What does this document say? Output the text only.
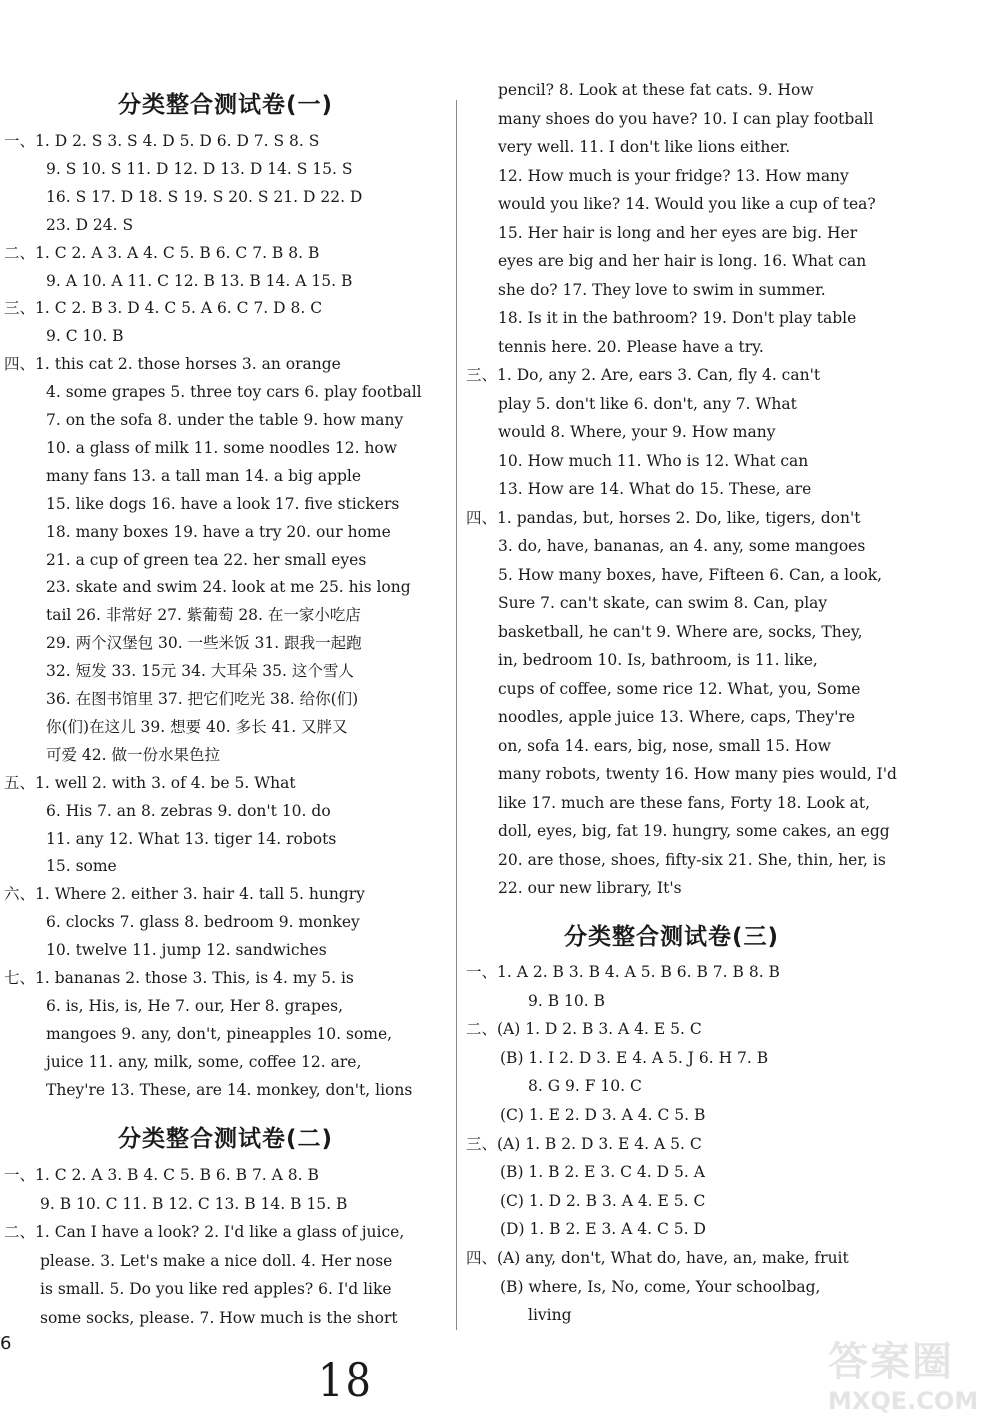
分类整合测试卷(一)
一、1. D 2. S 3. S 4. D 5. D 6. D 7. S 8. S
9. S 10. S 11. D 12. D 13. D 14. S 15. S
16. S 17. D 18. S 19. S 20. S 21. D 22. D
23. D 24. S
二、1. C 2. A 3. A 4. C 5. B 6. C 7. B 8. B
9. A 10. A 11. C 12. B 13. B 14. A 15. B
三、1. C 2. B 3. D 4. C 5. A 6. C 7. D 8. C
9. C 10. B
四、1. this cat 2. those horses 3. an orange
4. some grapes 5. three toy cars 6. play football
7. on the sofa 8. under the table 9. how many
10. a glass of milk 11. some noodles 12. how
many fans 13. a tall man 14. a big apple
15. like dogs 16. have a look 17. five stickers
18. many boxes 19. have a try 20. our home
21. a cup of green tea 22. her small eyes
23. skate and swim 24. look at me 25. his long
tail 26. 非常好 27. 紫葡萄 28. 在一家小吃店
29. 两个汉堡包 30. 一些米饭 31. 跟我一起跑
32. 短发 33. 15元 34. 大耳朵 35. 这个雪人
36. 在图书馆里 37. 把它们吃光 38. 给你(们)
你(们)在这儿 39. 想要 40. 多长 41. 又胖又
可爱 42. 做一份水果色拉
五、1. well 2. with 3. of 4. be 5. What
6. His 7. an 8. zebras 9. don't 10. do
11. any 12. What 13. tiger 14. robots
15. some
六、1. Where 2. either 3. hair 4. tall 5. hungry
6. clocks 7. glass 8. bedroom 9. monkey
10. twelve 11. jump 12. sandwiches
七、1. bananas 2. those 3. This, is 4. my 5. is
6. is, His, is, He 7. our, Her 8. grapes,
mangoes 9. any, don't, pineapples 10. some,
juice 11. any, milk, some, coffee 12. are,
They're 13. These, are 14. monkey, don't, lions
分类整合测试卷(二)
一、1. C 2. A 3. B 4. C 5. B 6. B 7. A 8. B
9. B 10. C 11. B 12. C 13. B 14. B 15. B
二、1. Can I have a look? 2. I'd like a glass of juice,
please. 3. Let's make a nice doll. 4. Her nose
is small. 5. Do you like red apples? 6. I'd like
some socks, please. 7. How much is the short
pencil? 8. Look at these fat cats. 9. How
many shoes do you have? 10. I can play football
very well. 11. I don't like lions either.
12. How much is your fridge? 13. How many
would you like? 14. Would you like a cup of tea?
15. Her hair is long and her eyes are big. Her
eyes are big and her hair is long. 16. What can
she do? 17. They love to swim in summer.
18. Is it in the bathroom? 19. Don't play table
tennis here. 20. Please have a try.
三、1. Do, any 2. Are, ears 3. Can, fly 4. can't
play 5. don't like 6. don't, any 7. What
would 8. Where, your 9. How many
10. How much 11. Who is 12. What can
13. How are 14. What do 15. These, are
四、1. pandas, but, horses 2. Do, like, tigers, don't
3. do, have, bananas, an 4. any, some mangoes
5. How many boxes, have, Fifteen 6. Can, a look,
Sure 7. can't skate, can swim 8. Can, play
basketball, he can't 9. Where are, socks, They,
in, bedroom 10. Is, bathroom, is 11. like,
cups of coffee, some rice 12. What, you, Some
noodles, apple juice 13. Where, caps, They're
on, sofa 14. ears, big, nose, small 15. How
many robots, twenty 16. How many pies would, I'd
like 17. much are these fans, Forty 18. Look at,
doll, eyes, big, fat 19. hungry, some cakes, an egg
20. are those, shoes, fifty-six 21. She, thin, her, is
22. our new library, It's
分类整合测试卷(三)
一、1. A 2. B 3. B 4. A 5. B 6. B 7. B 8. B
9. B 10. B
二、(A) 1. D 2. B 3. A 4. E 5. C
(B) 1. I 2. D 3. E 4. A 5. J 6. H 7. B
8. G 9. F 10. C
(C) 1. E 2. D 3. A 4. C 5. B
三、(A) 1. B 2. D 3. E 4. A 5. C
(B) 1. B 2. E 3. C 4. D 5. A
(C) 1. D 2. B 3. A 4. E 5. C
(D) 1. B 2. E 3. A 4. C 5. D
四、(A) any, don't, What do, have, an, make, fruit
(B) where, Is, No, come, Your schoolbag,
living
6
18	答案圈
MXQE.COM
